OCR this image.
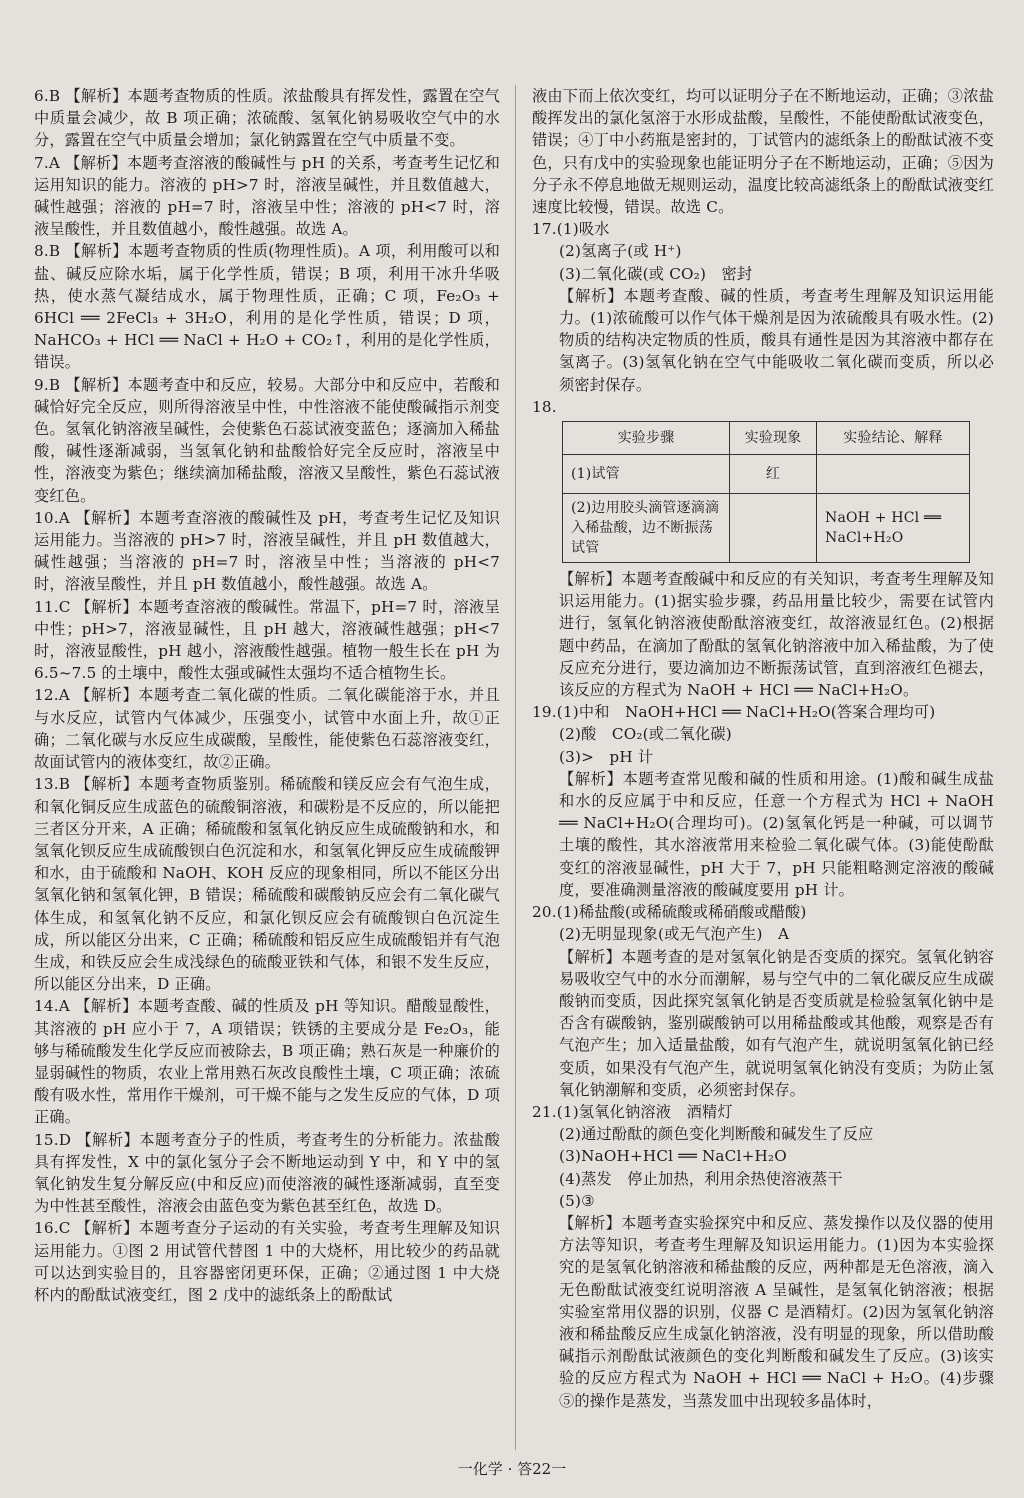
6.B 【解析】本题考查物质的性质。浓盐酸具有挥发性，露置在空气中质量会减少，故 B 项正确；浓硫酸、氢氧化钠易吸收空气中的水分，露置在空气中质量会增加；氯化钠露置在空气中质量不变。

7.A 【解析】本题考查溶液的酸碱性与 pH 的关系，考查考生记忆和运用知识的能力。溶液的 pH>7 时，溶液呈碱性，并且数值越大，碱性越强；溶液的 pH=7 时，溶液呈中性；溶液的 pH<7 时，溶液呈酸性，并且数值越小，酸性越强。故选 A。

8.B 【解析】本题考查物质的性质(物理性质)。A 项，利用酸可以和盐、碱反应除水垢，属于化学性质，错误；B 项，利用干冰升华吸热，使水蒸气凝结成水，属于物理性质，正确；C 项，Fe₂O₃ + 6HCl ══ 2FeCl₃ + 3H₂O，利用的是化学性质，错误；D 项，NaHCO₃ + HCl ══ NaCl + H₂O + CO₂↑，利用的是化学性质，错误。

9.B 【解析】本题考查中和反应，较易。大部分中和反应中，若酸和碱恰好完全反应，则所得溶液呈中性，中性溶液不能使酸碱指示剂变色。氢氧化钠溶液呈碱性，会使紫色石蕊试液变蓝色；逐滴加入稀盐酸，碱性逐渐减弱，当氢氧化钠和盐酸恰好完全反应时，溶液呈中性，溶液变为紫色；继续滴加稀盐酸，溶液又呈酸性，紫色石蕊试液变红色。

10.A 【解析】本题考查溶液的酸碱性及 pH，考查考生记忆及知识运用能力。当溶液的 pH>7 时，溶液呈碱性，并且 pH 数值越大，碱性越强；当溶液的 pH=7 时，溶液呈中性；当溶液的 pH<7 时，溶液呈酸性，并且 pH 数值越小，酸性越强。故选 A。

11.C 【解析】本题考查溶液的酸碱性。常温下，pH=7 时，溶液呈中性；pH>7，溶液显碱性，且 pH 越大，溶液碱性越强；pH<7 时，溶液显酸性，pH 越小，溶液酸性越强。植物一般生长在 pH 为 6.5~7.5 的土壤中，酸性太强或碱性太强均不适合植物生长。

12.A 【解析】本题考查二氧化碳的性质。二氧化碳能溶于水，并且与水反应，试管内气体减少，压强变小，试管中水面上升，故①正确；二氧化碳与水反应生成碳酸，呈酸性，能使紫色石蕊溶液变红，故面试管内的液体变红，故②正确。

13.B 【解析】本题考查物质鉴别。稀硫酸和镁反应会有气泡生成，和氧化铜反应生成蓝色的硫酸铜溶液，和碳粉是不反应的，所以能把三者区分开来，A 正确；稀硫酸和氢氧化钠反应生成硫酸钠和水，和氢氧化钡反应生成硫酸钡白色沉淀和水，和氢氧化钾反应生成硫酸钾和水，由于硫酸和 NaOH、KOH 反应的现象相同，所以不能区分出氢氧化钠和氢氧化钾，B 错误；稀硫酸和碳酸钠反应会有二氧化碳气体生成，和氢氧化钠不反应，和氯化钡反应会有硫酸钡白色沉淀生成，所以能区分出来，C 正确；稀硫酸和铝反应生成硫酸铝并有气泡生成，和铁反应会生成浅绿色的硫酸亚铁和气体，和银不发生反应，所以能区分出来，D 正确。

14.A 【解析】本题考查酸、碱的性质及 pH 等知识。醋酸显酸性，其溶液的 pH 应小于 7，A 项错误；铁锈的主要成分是 Fe₂O₃，能够与稀硫酸发生化学反应而被除去，B 项正确；熟石灰是一种廉价的显弱碱性的物质，农业上常用熟石灰改良酸性土壤，C 项正确；浓硫酸有吸水性，常用作干燥剂，可干燥不能与之发生反应的气体，D 项正确。

15.D 【解析】本题考查分子的性质，考查考生的分析能力。浓盐酸具有挥发性，X 中的氯化氢分子会不断地运动到 Y 中，和 Y 中的氢氧化钠发生复分解反应(中和反应)而使溶液的碱性逐渐减弱，直至变为中性甚至酸性，溶液会由蓝色变为紫色甚至红色，故选 D。

16.C 【解析】本题考查分子运动的有关实验，考查考生理解及知识运用能力。①图 2 用试管代替图 1 中的大烧杯，用比较少的药品就可以达到实验目的，且容器密闭更环保，正确；②通过图 1 中大烧杯内的酚酞试液变红，图 2 戊中的滤纸条上的酚酞试

液由下而上依次变红，均可以证明分子在不断地运动，正确；③浓盐酸挥发出的氯化氢溶于水形成盐酸，呈酸性，不能使酚酞试液变色，错误；④丁中小药瓶是密封的，丁试管内的滤纸条上的酚酞试液不变色，只有戊中的实验现象也能证明分子在不断地运动，正确；⑤因为分子永不停息地做无规则运动，温度比较高滤纸条上的酚酞试液变红速度比较慢，错误。故选 C。

17.(1)吸水

(2)氢离子(或 H⁺)

(3)二氧化碳(或 CO₂)　密封

【解析】本题考查酸、碱的性质，考查考生理解及知识运用能力。(1)浓硫酸可以作气体干燥剂是因为浓硫酸具有吸水性。(2)物质的结构决定物质的性质，酸具有通性是因为其溶液中都存在氢离子。(3)氢氧化钠在空气中能吸收二氧化碳而变质，所以必须密封保存。

18.

实验步骤	实验现象	实验结论、解释
(1)试管	红	
(2)边用胶头滴管逐滴滴入稀盐酸，边不断振荡试管		NaOH + HCl ══ NaCl+H₂O

【解析】本题考查酸碱中和反应的有关知识，考查考生理解及知识运用能力。(1)据实验步骤，药品用量比较少，需要在试管内进行，氢氧化钠溶液使酚酞溶液变红，故溶液显红色。(2)根据题中药品，在滴加了酚酞的氢氧化钠溶液中加入稀盐酸，为了使反应充分进行，要边滴加边不断振荡试管，直到溶液红色褪去，该反应的方程式为 NaOH + HCl ══ NaCl+H₂O。

19.(1)中和　NaOH+HCl ══ NaCl+H₂O(答案合理均可)

(2)酸　CO₂(或二氧化碳)

(3)>　pH 计

【解析】本题考查常见酸和碱的性质和用途。(1)酸和碱生成盐和水的反应属于中和反应，任意一个方程式为 HCl + NaOH ══ NaCl+H₂O(合理均可)。(2)氢氧化钙是一种碱，可以调节土壤的酸性，其水溶液常用来检验二氧化碳气体。(3)能使酚酞变红的溶液显碱性，pH 大于 7，pH 只能粗略测定溶液的酸碱度，要准确测量溶液的酸碱度要用 pH 计。

20.(1)稀盐酸(或稀硫酸或稀硝酸或醋酸)

(2)无明显现象(或无气泡产生)　A

【解析】本题考查的是对氢氧化钠是否变质的探究。氢氧化钠容易吸收空气中的水分而潮解，易与空气中的二氧化碳反应生成碳酸钠而变质，因此探究氢氧化钠是否变质就是检验氢氧化钠中是否含有碳酸钠，鉴别碳酸钠可以用稀盐酸或其他酸，观察是否有气泡产生；加入适量盐酸，如有气泡产生，就说明氢氧化钠已经变质，如果没有气泡产生，就说明氢氧化钠没有变质；为防止氢氧化钠潮解和变质，必须密封保存。

21.(1)氢氧化钠溶液　酒精灯

(2)通过酚酞的颜色变化判断酸和碱发生了反应

(3)NaOH+HCl ══ NaCl+H₂O

(4)蒸发　停止加热，利用余热使溶液蒸干

(5)③

【解析】本题考查实验探究中和反应、蒸发操作以及仪器的使用方法等知识，考查考生理解及知识运用能力。(1)因为本实验探究的是氢氧化钠溶液和稀盐酸的反应，两种都是无色溶液，滴入无色酚酞试液变红说明溶液 A 呈碱性，是氢氧化钠溶液；根据实验室常用仪器的识别，仪器 C 是酒精灯。(2)因为氢氧化钠溶液和稀盐酸反应生成氯化钠溶液，没有明显的现象，所以借助酸碱指示剂酚酞试液颜色的变化判断酸和碱发生了反应。(3)该实验的反应方程式为 NaOH + HCl ══ NaCl + H₂O。(4)步骤⑤的操作是蒸发，当蒸发皿中出现较多晶体时，

一化学 · 答22一
